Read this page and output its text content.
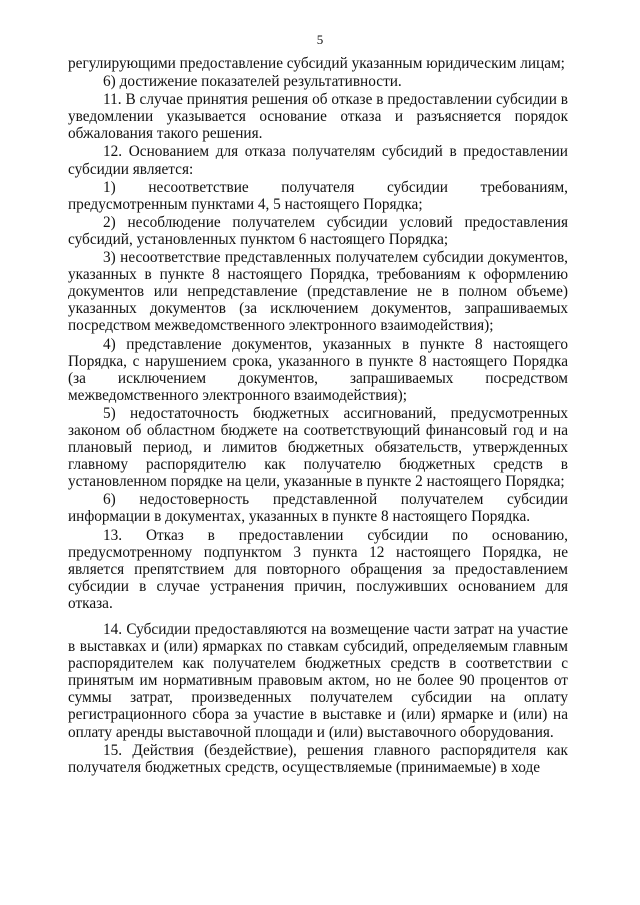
5

регулирующими предоставление субсидий указанным юридическим лицам;

6) достижение показателей результативности.

11. В случае принятия решения об отказе в предоставлении субсидии в уведомлении указывается основание отказа и разъясняется порядок обжалования такого решения.

12. Основанием для отказа получателям субсидий в предоставлении субсидии является:

1) несоответствие получателя субсидии требованиям, предусмотренным пунктами 4, 5 настоящего Порядка;

2) несоблюдение получателем субсидии условий предоставления субсидий, установленных пунктом 6 настоящего Порядка;

3) несоответствие представленных получателем субсидии документов, указанных в пункте 8 настоящего Порядка, требованиям к оформлению документов или непредставление (представление не в полном объеме) указанных документов (за исключением документов, запрашиваемых посредством межведомственного электронного взаимодействия);

4) представление документов, указанных в пункте 8 настоящего Порядка, с нарушением срока, указанного в пункте 8 настоящего Порядка (за исключением документов, запрашиваемых посредством межведомственного электронного взаимодействия);

5) недостаточность бюджетных ассигнований, предусмотренных законом об областном бюджете на соответствующий финансовый год и на плановый период, и лимитов бюджетных обязательств, утвержденных главному распорядителю как получателю бюджетных средств в установленном порядке на цели, указанные в пункте 2 настоящего Порядка;

6) недостоверность представленной получателем субсидии информации в документах, указанных в пункте 8 настоящего Порядка.

13. Отказ в предоставлении субсидии по основанию, предусмотренному подпунктом 3 пункта 12 настоящего Порядка, не является препятствием для повторного обращения за предоставлением субсидии в случае устранения причин, послуживших основанием для отказа.

14. Субсидии предоставляются на возмещение части затрат на участие в выставках и (или) ярмарках по ставкам субсидий, определяемым главным распорядителем как получателем бюджетных средств в соответствии с принятым им нормативным правовым актом, но не более 90 процентов от суммы затрат, произведенных получателем субсидии на оплату регистрационного сбора за участие в выставке и (или) ярмарке и (или) на оплату аренды выставочной площади и (или) выставочного оборудования.

15. Действия (бездействие), решения главного распорядителя как получателя бюджетных средств, осуществляемые (принимаемые) в ходе
